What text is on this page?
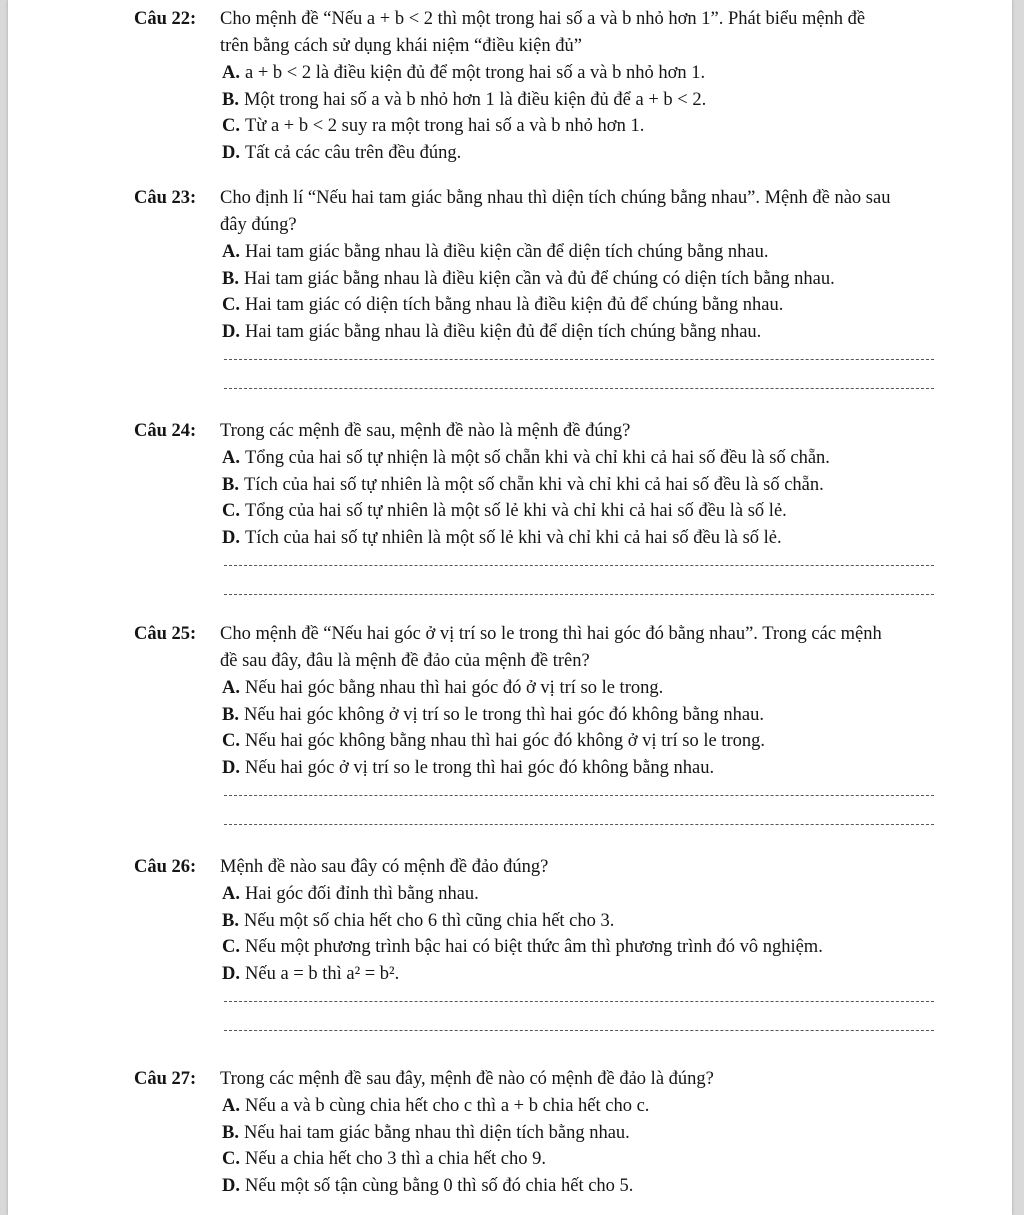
Câu 22:	Cho mệnh đề “Nếu a + b < 2 thì một trong hai số a và b nhỏ hơn 1”. Phát biểu mệnh đề
trên bằng cách sử dụng khái niệm “điều kiện đủ”
A. a + b < 2 là điều kiện đủ để một trong hai số a và b nhỏ hơn 1.
B. Một trong hai số a và b nhỏ hơn 1 là điều kiện đủ để a + b < 2.
C. Từ a + b < 2 suy ra một trong hai số a và b nhỏ hơn 1.
D. Tất cả các câu trên đều đúng.
Câu 23:	Cho định lí “Nếu hai tam giác bằng nhau thì diện tích chúng bằng nhau”. Mệnh đề nào sau
đây đúng?
A. Hai tam giác bằng nhau là điều kiện cần để diện tích chúng bằng nhau.
B. Hai tam giác bằng nhau là điều kiện cần và đủ để chúng có diện tích bằng nhau.
C. Hai tam giác có diện tích bằng nhau là điều kiện đủ để chúng bằng nhau.
D. Hai tam giác bằng nhau là điều kiện đủ để diện tích chúng bằng nhau.
Câu 24:	Trong các mệnh đề sau, mệnh đề nào là mệnh đề đúng?
A. Tổng của hai số tự nhiện là một số chẵn khi và chỉ khi cả hai số đều là số chẵn.
B. Tích của hai số tự nhiên là một số chẵn khi và chỉ khi cả hai số đều là số chẵn.
C. Tổng của hai số tự nhiên là một số lẻ khi và chỉ khi cả hai số đều là số lẻ.
D. Tích của hai số tự nhiên là một số lẻ khi và chỉ khi cả hai số đều là số lẻ.
Câu 25:	Cho mệnh đề “Nếu hai góc ở vị trí so le trong thì hai góc đó bằng nhau”. Trong các mệnh
đề sau đây, đâu là mệnh đề đảo của mệnh đề trên?
A. Nếu hai góc bằng nhau thì hai góc đó ở vị trí so le trong.
B. Nếu hai góc không ở vị trí so le trong thì hai góc đó không bằng nhau.
C. Nếu hai góc không bằng nhau thì hai góc đó không ở vị trí so le trong.
D. Nếu hai góc ở vị trí so le trong thì hai góc đó không bằng nhau.
Câu 26:	Mệnh đề nào sau đây có mệnh đề đảo đúng?
A. Hai góc đối đỉnh thì bằng nhau.
B. Nếu một số chia hết cho 6 thì cũng chia hết cho 3.
C. Nếu một phương trình bậc hai có biệt thức âm thì phương trình đó vô nghiệm.
D. Nếu a = b thì a² = b².
Câu 27:	Trong các mệnh đề sau đây, mệnh đề nào có mệnh đề đảo là đúng?
A. Nếu a và b cùng chia hết cho c thì a + b chia hết cho c.
B. Nếu hai tam giác bằng nhau thì diện tích bằng nhau.
C. Nếu a chia hết cho 3 thì a chia hết cho 9.
D. Nếu một số tận cùng bằng 0 thì số đó chia hết cho 5.
